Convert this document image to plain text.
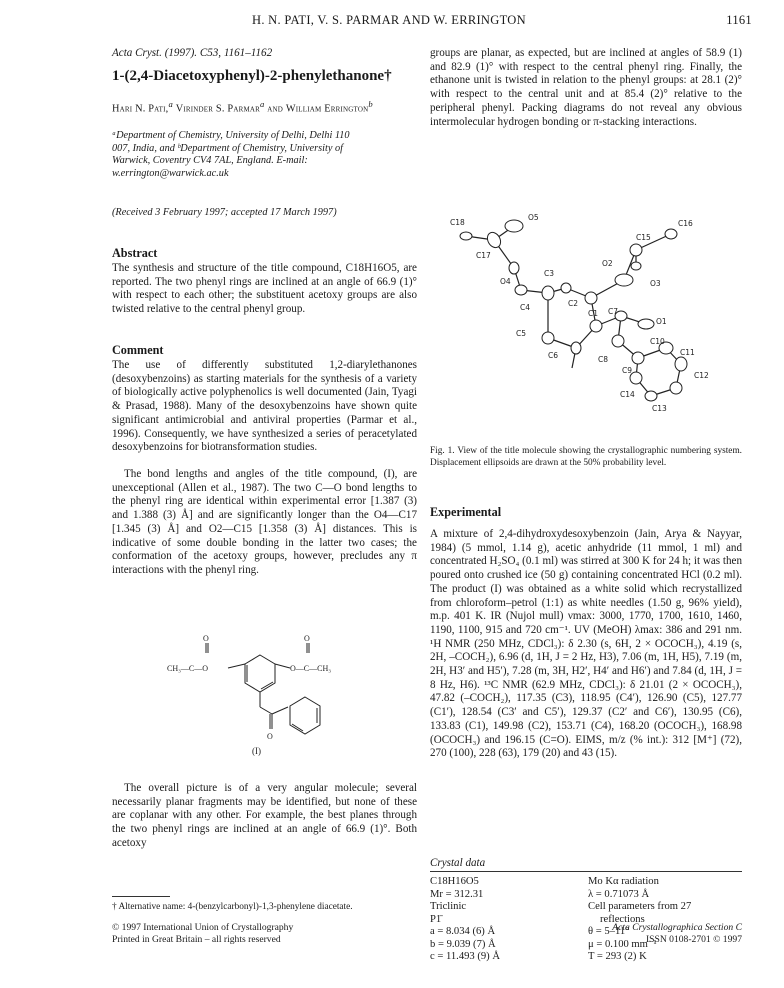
H. N. PATI, V. S. PARMAR AND W. ERRINGTON	1161
Acta Cryst. (1997). C53, 1161–1162
1-(2,4-Diacetoxyphenyl)-2-phenylethanone†
Hari N. Pati,$^a$ Virinder S. Parmar$^a$ and William Errington$^b$
ᵃDepartment of Chemistry, University of Delhi, Delhi 110 007, India, and ᵇDepartment of Chemistry, University of Warwick, Coventry CV4 7AL, England. E-mail: w.errington@warwick.ac.uk
(Received 3 February 1997; accepted 17 March 1997)
Abstract

The synthesis and structure of the title compound, C18H16O5, are reported. The two phenyl rings are inclined at an angle of 66.9 (1)° with respect to each other; the substituent acetoxy groups are also twisted relative to the central phenyl group.

Comment

The use of differently substituted 1,2-diarylethanones (desoxybenzoins) as starting materials for the synthesis of a variety of biologically active polyphenolics is well documented (Jain, Tyagi & Prasad, 1988). Many of the desoxybenzoins have shown quite significant antimicrobial and antiviral properties (Parmar et al., 1996). Consequently, we have synthesized a series of peracetylated desoxybenzoins for biotransformation studies.

The bond lengths and angles of the title compound, (I), are unexceptional (Allen et al., 1987). The two C—O bond lengths to the phenyl ring are identical within experimental error [1.387 (3) and 1.388 (3) Å] and are significantly longer than the O4—C17 [1.345 (3) Å] and O2—C15 [1.358 (3) Å] distances. This is indicative of some double bonding in the latter two cases; the conformation of the acetoxy groups, however, precludes any π interactions with the phenyl ring.

O	O
O
CH₃—C—O	O—C—CH₃
(I)

The overall picture is of a very angular molecule; several necessarily planar fragments may be identified, but none of these are coplanar with any other. For example, the best planes through the two phenyl rings are inclined at an angle of 66.9 (1)°. Both acetoxy

† Alternative name: 4-(benzylcarbonyl)-1,3-phenylene diacetate.
© 1997 International Union of Crystallography
Printed in Great Britain – all rights reserved

groups are planar, as expected, but are inclined at angles of 58.9 (1) and 82.9 (1)° with respect to the central phenyl ring. Finally, the ethanone unit is twisted in relation to the phenyl groups: at 28.1 (2)° with respect to the central unit and at 85.4 (2)° relative to the peripheral phenyl. Packing diagrams do not reveal any obvious intermolecular hydrogen bonding or π-stacking interactions.

C18
O5
C16
C17
C3
O2
C15
O4
C4	C2
O3
C5
C1 C7
O1
C6
C10
C8
C11
C9
C12
C14
C13

Fig. 1. View of the title molecule showing the crystallographic numbering system. Displacement ellipsoids are drawn at the 50% probability level.

Experimental

A mixture of 2,4-dihydroxydesoxybenzoin (Jain, Arya & Nayyar, 1984) (5 mmol, 1.14 g), acetic anhydride (11 mmol, 1 ml) and concentrated H₂SO₄ (0.1 ml) was stirred at 300 K for 24 h; it was then poured onto crushed ice (50 g) containing concentrated HCl (0.2 ml). The product (I) was obtained as a white solid which recrystallized from chloroform–petrol (1:1) as white needles (1.50 g, 96% yield), m.p. 401 K. IR (Nujol mull) νmax: 3000, 1770, 1700, 1610, 1460, 1190, 1100, 915 and 720 cm⁻¹. UV (MeOH) λmax: 386 and 291 nm. ¹H NMR (250 MHz, CDCl₃): δ 2.30 (s, 6H, 2 × OCOCH₃), 4.19 (s, 2H, –COCH₂), 6.96 (d, 1H, J = 2 Hz, H3), 7.06 (m, 1H, H5), 7.19 (m, 2H, H3′ and H5′), 7.28 (m, 3H, H2′, H4′ and H6′) and 7.84 (d, 1H, J = 8 Hz, H6). ¹³C NMR (62.9 MHz, CDCl₃): δ 21.01 (2 × OCOCH₃), 47.82 (–COCH₂), 117.35 (C3), 118.95 (C4′), 126.90 (C5), 127.77 (C1′), 128.54 (C3′ and C5′), 129.37 (C2′ and C6′), 130.95 (C6), 133.83 (C1), 149.98 (C2), 153.71 (C4), 168.20 (OCOCH₃), 168.98 (OCOCH₃) and 196.15 (C=O). EIMS, m/z (% int.): 312 [M⁺] (72), 270 (100), 228 (63), 179 (20) and 43 (15).

Crystal data
C18H16O5
Mr = 312.31
Triclinic
P1̄
a = 8.034 (6) Å
b = 9.039 (7) Å
c = 11.493 (9) Å
Mo Kα radiation
λ = 0.71073 Å
Cell parameters from 27
reflections
θ = 5–11°
μ = 0.100 mm⁻¹
T = 293 (2) K
Acta Crystallographica Section C
ISSN 0108-2701 © 1997
